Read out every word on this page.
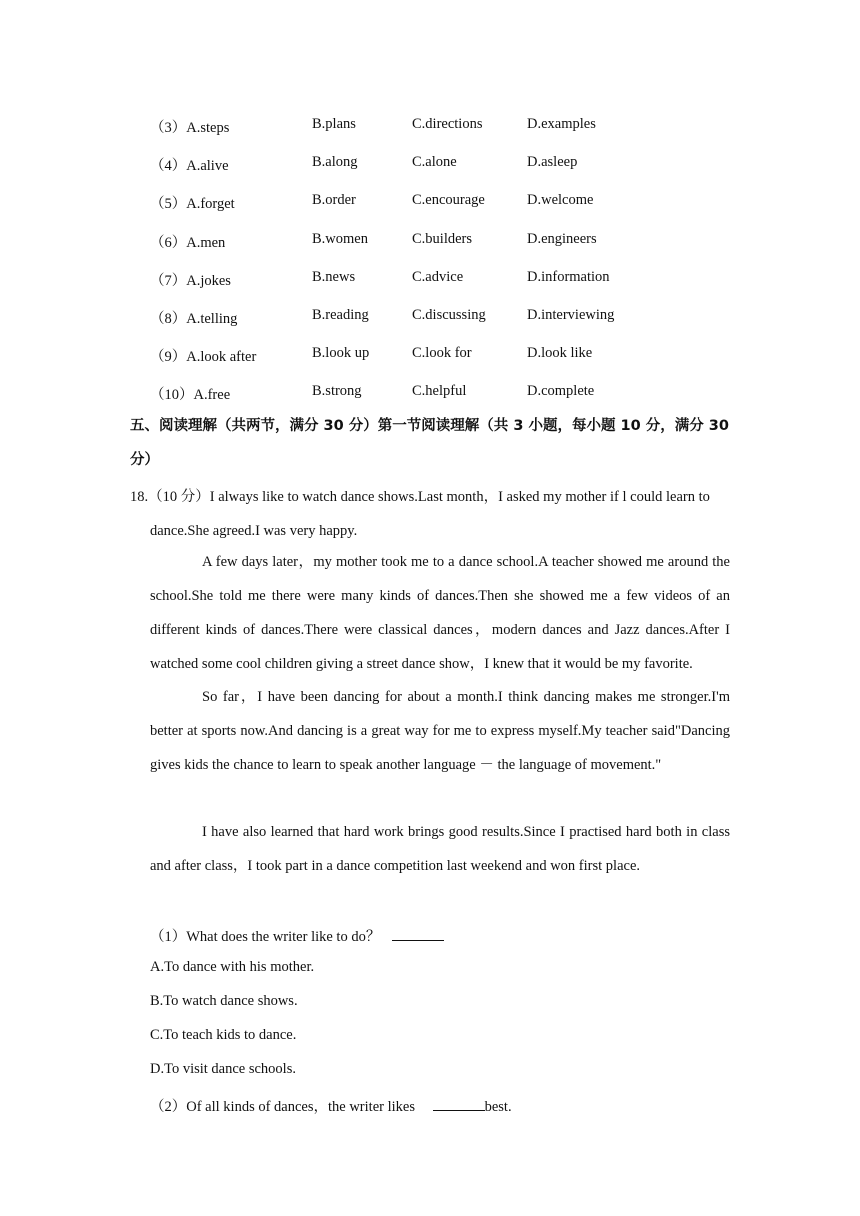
（3）A.steps	B.plans	C.directions	D.examples
（4）A.alive	B.along	C.alone	D.asleep
（5）A.forget	B.order	C.encourage	D.welcome
（6）A.men	B.women	C.builders	D.engineers
（7）A.jokes	B.news	C.advice	D.information
（8）A.telling	B.reading	C.discussing	D.interviewing
（9）A.look after	B.look up	C.look for	D.look like
（10）A.free	B.strong	C.helpful	D.complete
五、阅读理解（共两节，满分 30 分）第一节阅读理解（共 3 小题，每小题 10 分，满分 30 分）
18.（10 分）I always like to watch dance shows.Last month，I asked my mother if l could learn to
dance.She agreed.I was very happy.
A few days later，my mother took me to a dance school.A teacher showed me around the school.She told me there were many kinds of dances.Then she showed me a few videos of an different kinds of dances.There were classical dances，modern dances and Jazz dances.After I watched some cool children giving a street dance show，I knew that it would be my favorite.
So far，I have been dancing for about a month.I think dancing makes me stronger.I'm better at sports now.And dancing is a great way for me to express myself.My teacher said"Dancing gives kids the chance to learn to speak another language － the language of movement."
I have also learned that hard work brings good results.Since I practised hard both in class and after class，I took part in a dance competition last weekend and won first place.
（1）What does the writer like to do？
A.To dance with his mother.
B.To watch dance shows.
C.To teach kids to dance.
D.To visit dance schools.
（2）Of all kinds of dances，the writer likes	best.
